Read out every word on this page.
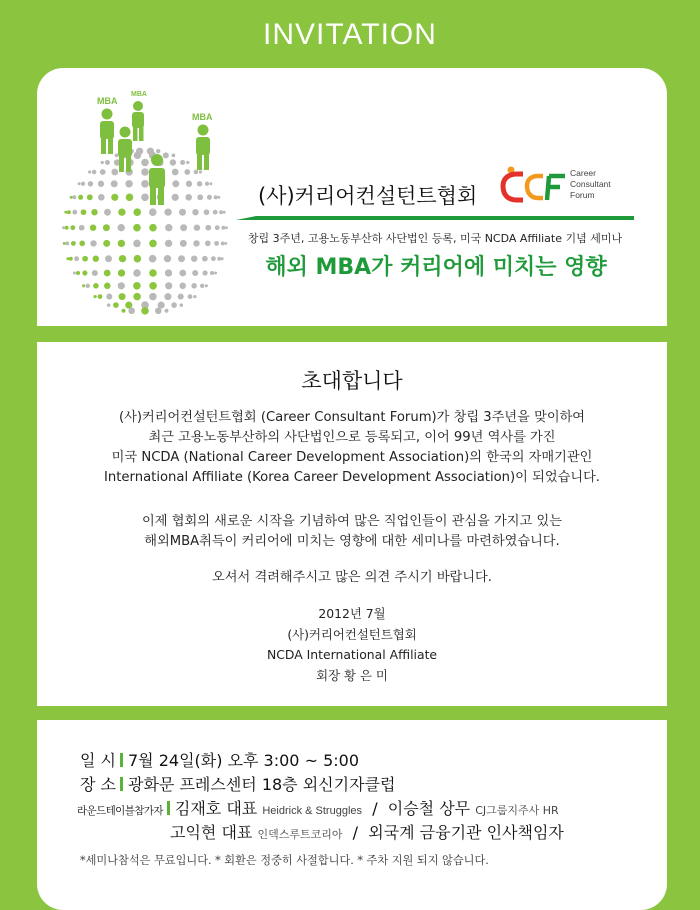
INVITATION
MBA
MBA
MBA
(사)커리어컨설턴트협회
Career
Consultant
Forum
창립 3주년, 고용노동부산하 사단법인 등록, 미국 NCDA Affiliate 기념 세미나
해외 MBA가 커리어에 미치는 영향
초대합니다
(사)커리어컨설턴트협회 (Career Consultant Forum)가 창립 3주년을 맞이하여
최근 고용노동부산하의 사단법인으로 등록되고, 이어 99년 역사를 가진
미국 NCDA (National Career Development Association)의 한국의 자매기관인
International Affiliate (Korea Career Development Association)이 되었습니다.
이제 협회의 새로운 시작을 기념하여 많은 직업인들이 관심을 가지고 있는
해외MBA취득이 커리어에 미치는 영향에 대한 세미나를 마련하였습니다.
오셔서 격려해주시고 많은 의견 주시기 바랍니다.
2012년 7월
(사)커리어컨설턴트협회
NCDA International Affiliate
회장 황 은 미
일 시 7월 24일(화) 오후 3:00 ~ 5:00
장 소 광화문 프레스센터 18층 외신기자클럽
라운드테이블참가자 김재호 대표 Heidrick & Struggles / 이승철 상무 CJ그룹지주사 HR
고익현 대표 인덱스루트코리아 / 외국계 금융기관 인사책임자
*세미나참석은 무료입니다. * 회환은 정중히 사절합니다. * 주차 지원 되지 않습니다.
